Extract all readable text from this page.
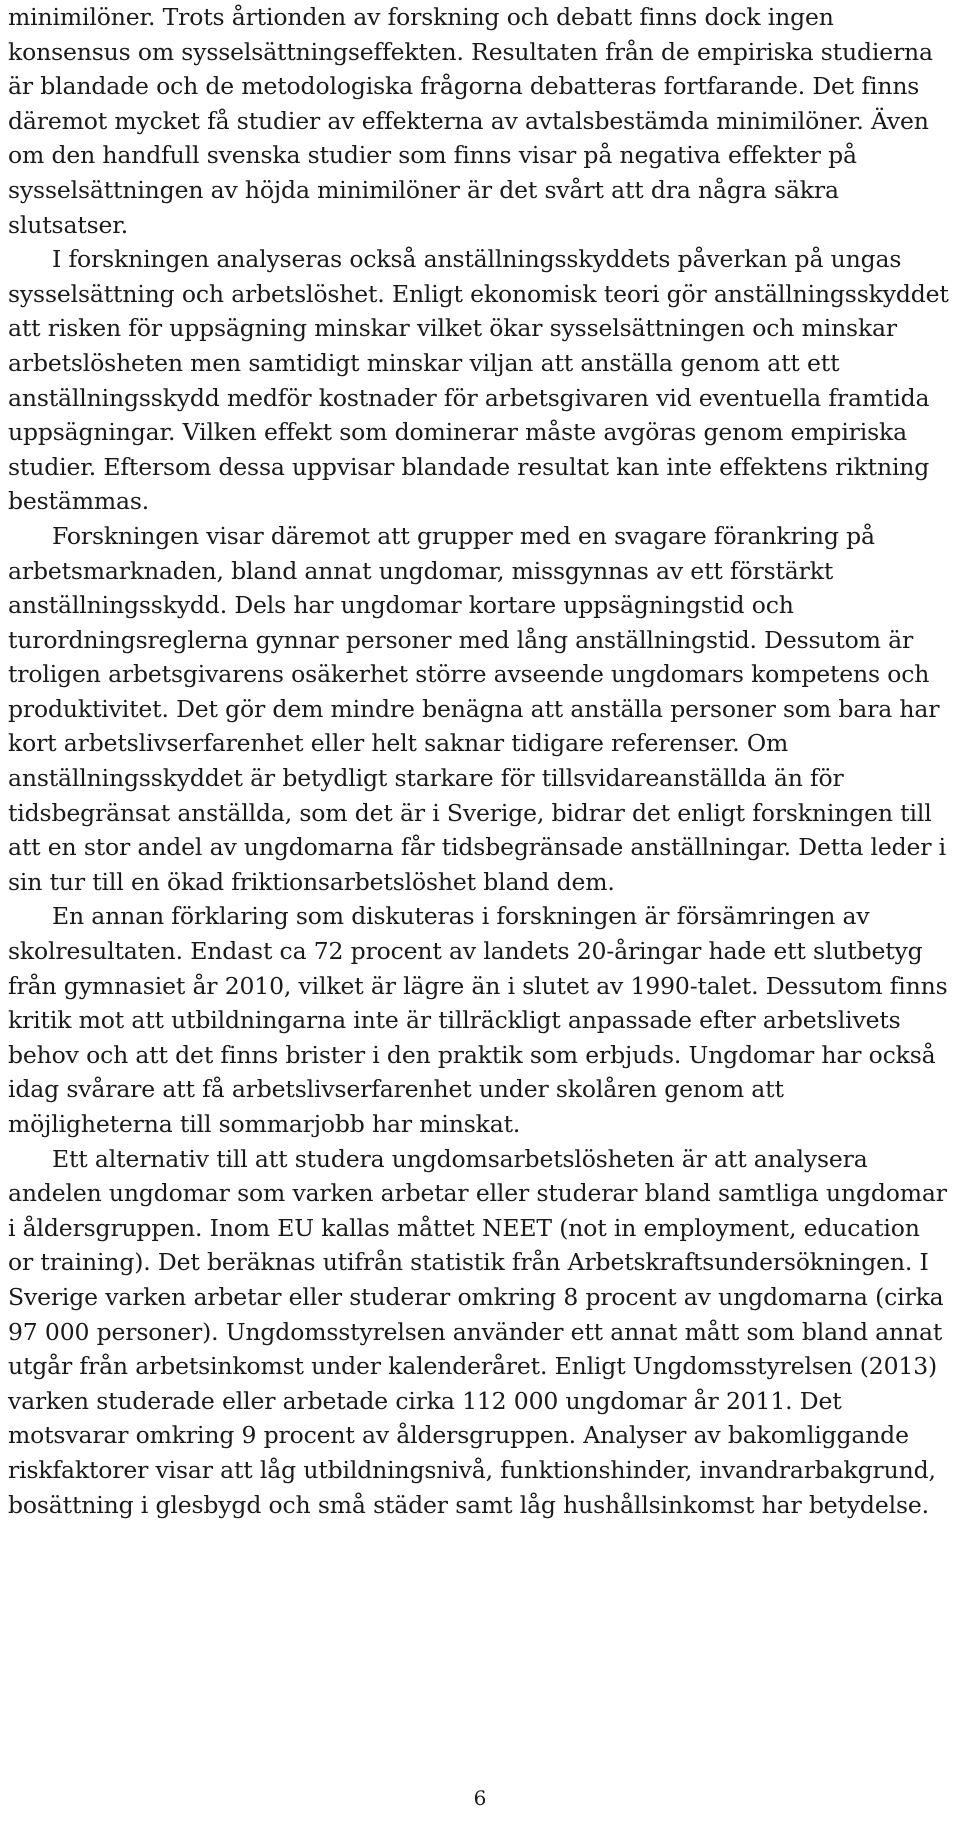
minimilöner. Trots årtionden av forskning och debatt finns dock ingen konsensus om sysselsättningseffekten. Resultaten från de empiriska studierna är blandade och de metodologiska frågorna debatteras fortfarande. Det finns däremot mycket få studier av effekterna av avtalsbestämda minimilöner. Även om den handfull svenska studier som finns visar på negativa effekter på sysselsättningen av höjda minimilöner är det svårt att dra några säkra slutsatser.

I forskningen analyseras också anställningsskyddets påverkan på ungas sysselsättning och arbetslöshet. Enligt ekonomisk teori gör anställningsskyddet att risken för uppsägning minskar vilket ökar sysselsättningen och minskar arbetslösheten men samtidigt minskar viljan att anställa genom att ett anställningsskydd medför kostnader för arbetsgivaren vid eventuella framtida uppsägningar. Vilken effekt som dominerar måste avgöras genom empiriska studier. Eftersom dessa uppvisar blandade resultat kan inte effektens riktning bestämmas.

Forskningen visar däremot att grupper med en svagare förankring på arbetsmarknaden, bland annat ungdomar, missgynnas av ett förstärkt anställningsskydd. Dels har ungdomar kortare uppsägningstid och turordningsreglerna gynnar personer med lång anställningstid. Dessutom är troligen arbetsgivarens osäkerhet större avseende ungdomars kompetens och produktivitet. Det gör dem mindre benägna att anställa personer som bara har kort arbetslivserfarenhet eller helt saknar tidigare referenser. Om anställningsskyddet är betydligt starkare för tillsvidareanställda än för tidsbegränsat anställda, som det är i Sverige, bidrar det enligt forskningen till att en stor andel av ungdomarna får tidsbegränsade anställningar. Detta leder i sin tur till en ökad friktionsarbetslöshet bland dem.

En annan förklaring som diskuteras i forskningen är försämringen av skolresultaten. Endast ca 72 procent av landets 20-åringar hade ett slutbetyg från gymnasiet år 2010, vilket är lägre än i slutet av 1990-talet. Dessutom finns kritik mot att utbildningarna inte är tillräckligt anpassade efter arbetslivets behov och att det finns brister i den praktik som erbjuds. Ungdomar har också idag svårare att få arbetslivserfarenhet under skolåren genom att möjligheterna till sommarjobb har minskat.

Ett alternativ till att studera ungdomsarbetslösheten är att analysera andelen ungdomar som varken arbetar eller studerar bland samtliga ungdomar i åldersgruppen. Inom EU kallas måttet NEET (not in employment, education or training). Det beräknas utifrån statistik från Arbetskraftsundersökningen. I Sverige varken arbetar eller studerar omkring 8 procent av ungdomarna (cirka 97 000 personer). Ungdomsstyrelsen använder ett annat mått som bland annat utgår från arbetsinkomst under kalenderåret. Enligt Ungdomsstyrelsen (2013) varken studerade eller arbetade cirka 112 000 ungdomar år 2011. Det motsvarar omkring 9 procent av åldersgruppen. Analyser av bakomliggande riskfaktorer visar att låg utbildningsnivå, funktionshinder, invandrarbakgrund, bosättning i glesbygd och små städer samt låg hushållsinkomst har betydelse.

6
